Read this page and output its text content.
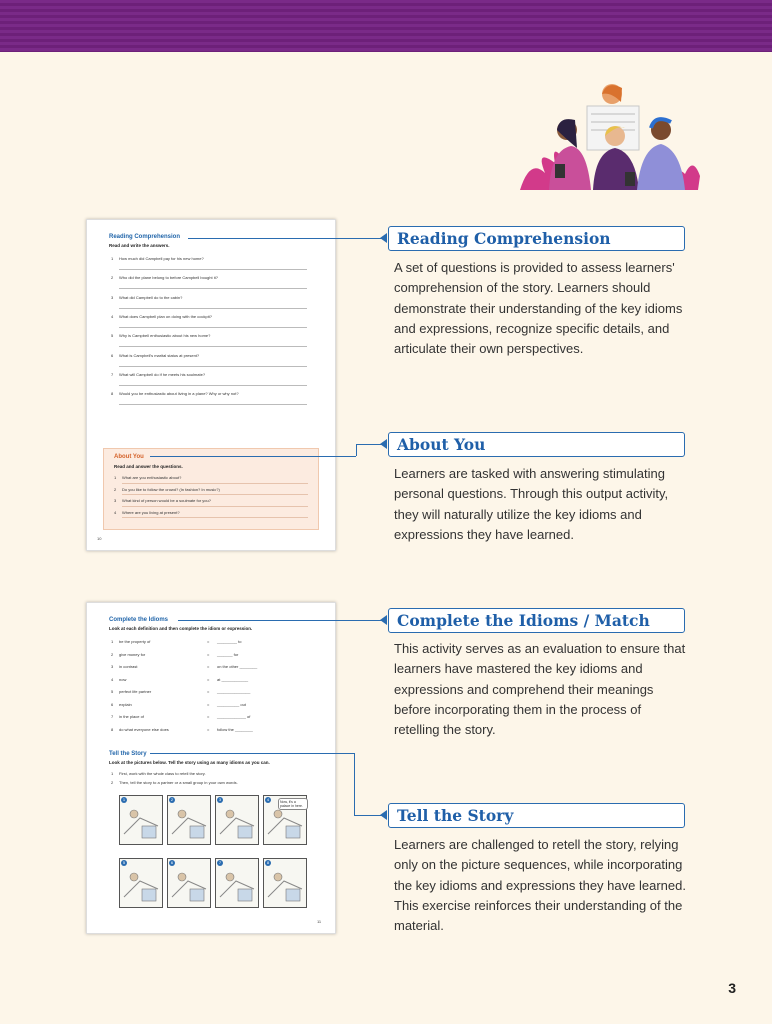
Reading Comprehension
Read and write the answers.
1 How much did Campbell pay for his new home?
2 Who did the plane belong to before Campbell bought it?
3 What did Campbell do to the cabin?
4 What does Campbell plan on doing with the cockpit?
5 Why is Campbell enthusiastic about his new home?
6 What is Campbell's marital status at present?
7 What will Campbell do if he meets his soulmate?
8 Would you be enthusiastic about living in a plane? Why or why not?
About You
Read and answer the questions.
1 What are you enthusiastic about?
2 Do you like to follow the crowd? (In fashion? In music?)
3 What kind of person would be a soulmate for you?
4 Where are you living at present?
10
Complete the Idioms
Look at each definition and then complete the idiom or expression.
1 be the property of	= _________ to
2 give money for	= _______ for
3 in contrast	= on the other ________
4 now	= at ____________
5 perfect life partner	= _______________
6 explain	= __________ out
7 in the place of	= _____________ of
8 do what everyone else does	= follow the ________
Tell the Story
Look at the pictures below. Tell the story using as many idioms as you can.
1 First, work with the whole class to retell the story.
2 Then, tell the story to a partner or a small group in your own words.
1	2	3	4	Now, it's a palace in here.
5	6	7	8
11
Reading Comprehension
A set of questions is provided to assess learners' comprehension of the story. Learners should demonstrate their understanding of the key idioms and expressions, recognize specific details, and articulate their own perspectives.
About You
Learners are tasked with answering stimulating personal questions. Through this output activity, they will naturally utilize the key idioms and expressions they have learned.
Complete the Idioms / Match
This activity serves as an evaluation to ensure that learners have mastered the key idioms and expressions and comprehend their meanings before incorporating them in the process of retelling the story.
Tell the Story
Learners are challenged to retell the story, relying only on the picture sequences, while incorporating the key idioms and expressions they have learned. This exercise reinforces their understanding of the material.
3
